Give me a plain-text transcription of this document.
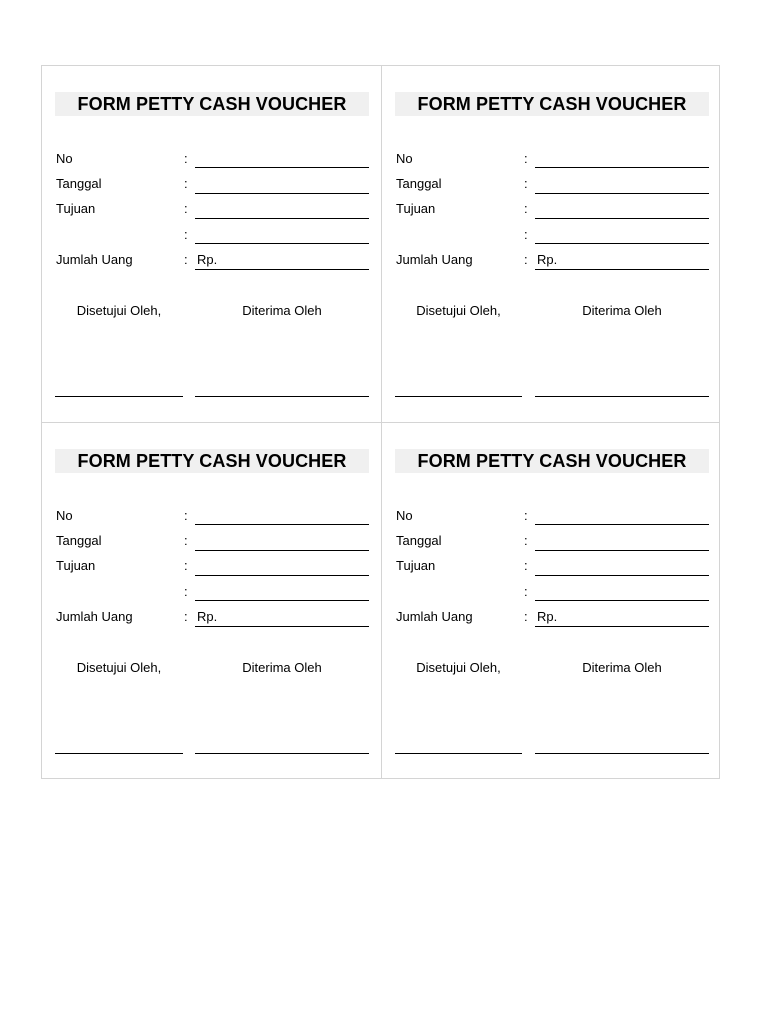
FORM PETTY CASH VOUCHER
No	:
Tanggal	:
Tujuan	:
:
Jumlah Uang	: Rp.
Disetujui Oleh,	Diterima Oleh
FORM PETTY CASH VOUCHER
No	:
Tanggal	:
Tujuan	:
:
Jumlah Uang	: Rp.
Disetujui Oleh,	Diterima Oleh
FORM PETTY CASH VOUCHER
No	:
Tanggal	:
Tujuan	:
:
Jumlah Uang	: Rp.
Disetujui Oleh,	Diterima Oleh
FORM PETTY CASH VOUCHER
No	:
Tanggal	:
Tujuan	:
:
Jumlah Uang	: Rp.
Disetujui Oleh,	Diterima Oleh
